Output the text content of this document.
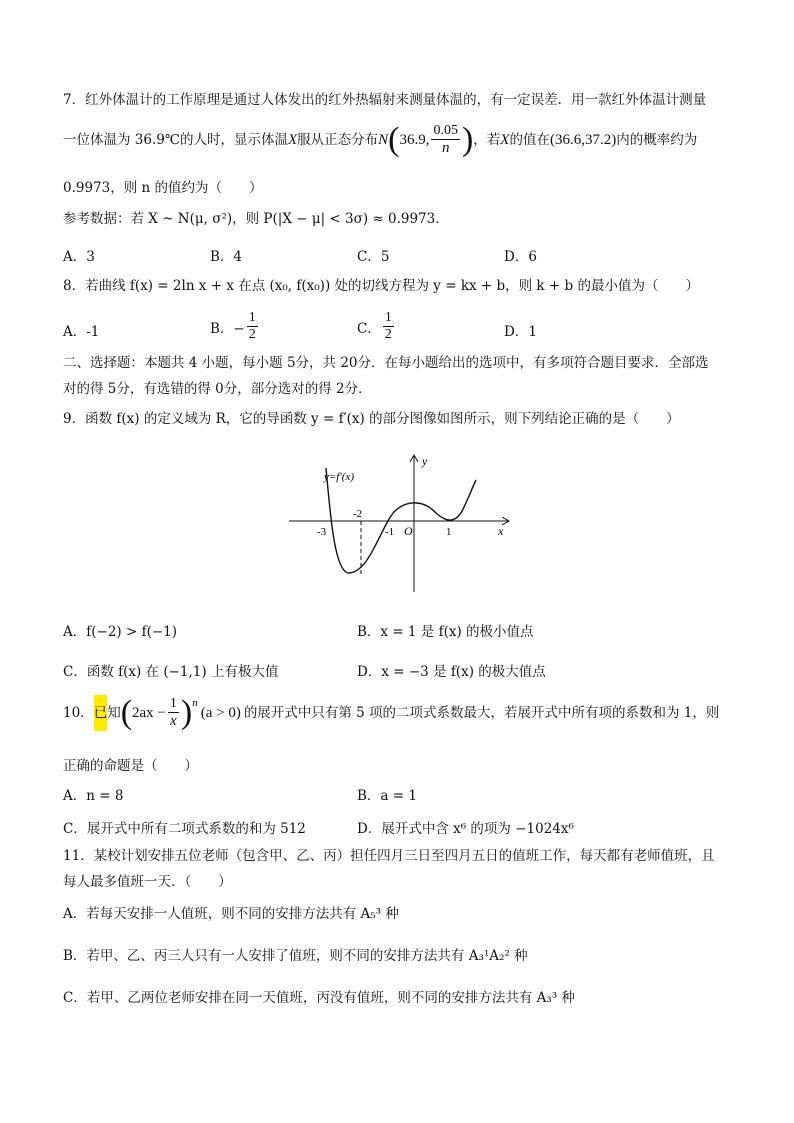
7．红外体温计的工作原理是通过人体发出的红外热辐射来测量体温的，有一定误差．用一款红外体温计测量
一位体温为 36.9℃的人时，显示体温 X 服从正态分布 N ( 36.9, $\frac{0.05}{n}$ ) ，若 X 的值在 (36.6,37.2) 内的概率约为
0.9973，则 n 的值约为（　　）
参考数据：若 X ~ N(μ, σ²)，则 P(|X − μ| < 3σ) ≈ 0.9973．
A．3	B．4	C．5	D．6
8．若曲线 f(x) = 2ln x + x 在点 (x₀, f(x₀)) 处的切线方程为 y = kx + b，则 k + b 的最小值为（　　）
A．-1	B．− $\frac{1}{2}$	C． $\frac{1}{2}$	D．1
二、选择题：本题共 4 小题，每小题 5分，共 20分．在每小题给出的选项中，有多项符合题目要求．全部选
对的得 5分，有选错的得 0分，部分选对的得 2分．
9．函数 f(x) 的定义域为 R，它的导函数 y = f′(x) 的部分图像如图所示，则下列结论正确的是（　　）
y=f′(x)
y
x
O
-3
-2
-1	1
A．f(−2) > f(−1)	B．x = 1 是 f(x) 的极小值点
C．函数 f(x) 在 (−1,1) 上有极大值	D．x = −3 是 f(x) 的极大值点
10． 已 知 ( $2ax - \frac{1}{x}$ ) n
(a > 0) 的展开式中只有第 5 项的二项式系数最大，若展开式中所有项的系数和为 1，则
正确的命题是（　　）
A．n = 8	B．a = 1
C．展开式中所有二项式系数的和为 512	D．展开式中含 x⁶ 的项为 −1024x⁶
11．某校计划安排五位老师（包含甲、乙、丙）担任四月三日至四月五日的值班工作，每天都有老师值班，且
每人最多值班一天．（　　）
A．若每天安排一人值班，则不同的安排方法共有 A₅³ 种
B．若甲、乙、丙三人只有一人安排了值班，则不同的安排方法共有 A₃¹A₂² 种
C．若甲、乙两位老师安排在同一天值班，丙没有值班，则不同的安排方法共有 A₃³ 种
